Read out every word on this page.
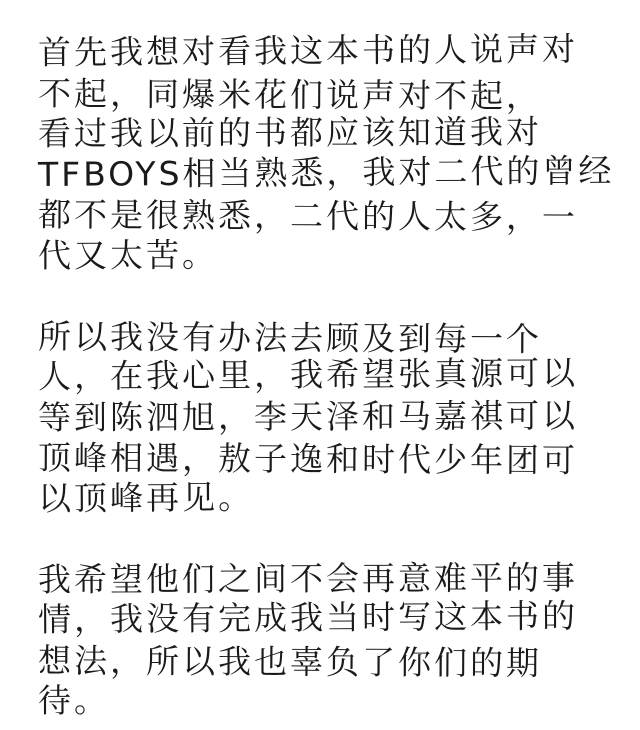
首先我想对看我这本书的人说声对
不起，同爆米花们说声对不起，
看过我以前的书都应该知道我对
TFBOYS相当熟悉，我对二代的曾经
都不是很熟悉，二代的人太多，一
代又太苦。
所以我没有办法去顾及到每一个
人，在我心里，我希望张真源可以
等到陈泗旭，李天泽和马嘉祺可以
顶峰相遇，敖子逸和时代少年团可
以顶峰再见。
我希望他们之间不会再意难平的事
情，我没有完成我当时写这本书的
想法，所以我也辜负了你们的期
待。
